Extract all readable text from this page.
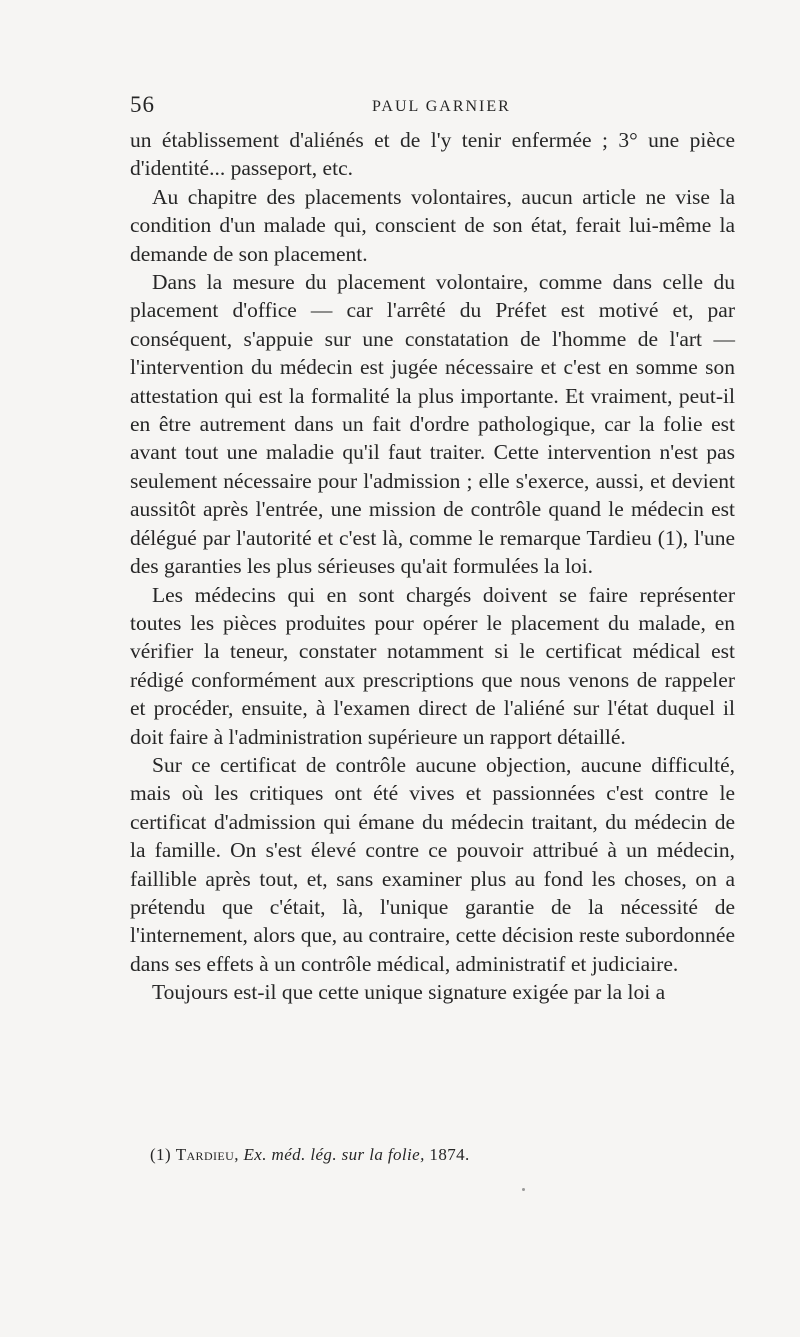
56	PAUL GARNIER

un établissement d'aliénés et de l'y tenir enfermée ; 3° une pièce d'identité... passeport, etc.

Au chapitre des placements volontaires, aucun article ne vise la condition d'un malade qui, conscient de son état, ferait lui-même la demande de son placement.

Dans la mesure du placement volontaire, comme dans celle du placement d'office — car l'arrêté du Préfet est motivé et, par conséquent, s'appuie sur une constatation de l'homme de l'art — l'intervention du médecin est jugée nécessaire et c'est en somme son attestation qui est la formalité la plus importante. Et vraiment, peut-il en être autrement dans un fait d'ordre pathologique, car la folie est avant tout une maladie qu'il faut traiter. Cette intervention n'est pas seulement nécessaire pour l'admission ; elle s'exerce, aussi, et devient aussitôt après l'entrée, une mission de contrôle quand le médecin est délégué par l'autorité et c'est là, comme le remarque Tardieu (1), l'une des garanties les plus sérieuses qu'ait formulées la loi.

Les médecins qui en sont chargés doivent se faire représenter toutes les pièces produites pour opérer le placement du malade, en vérifier la teneur, constater notamment si le certificat médical est rédigé conformément aux prescriptions que nous venons de rappeler et procéder, ensuite, à l'examen direct de l'aliéné sur l'état duquel il doit faire à l'administration supérieure un rapport détaillé.

Sur ce certificat de contrôle aucune objection, aucune difficulté, mais où les critiques ont été vives et passionnées c'est contre le certificat d'admission qui émane du médecin traitant, du médecin de la famille. On s'est élevé contre ce pouvoir attribué à un médecin, faillible après tout, et, sans examiner plus au fond les choses, on a prétendu que c'était, là, l'unique garantie de la nécessité de l'internement, alors que, au contraire, cette décision reste subordonnée dans ses effets à un contrôle médical, administratif et judiciaire.

Toujours est-il que cette unique signature exigée par la loi a

(1) Tardieu, Ex. méd. lég. sur la folie, 1874.
